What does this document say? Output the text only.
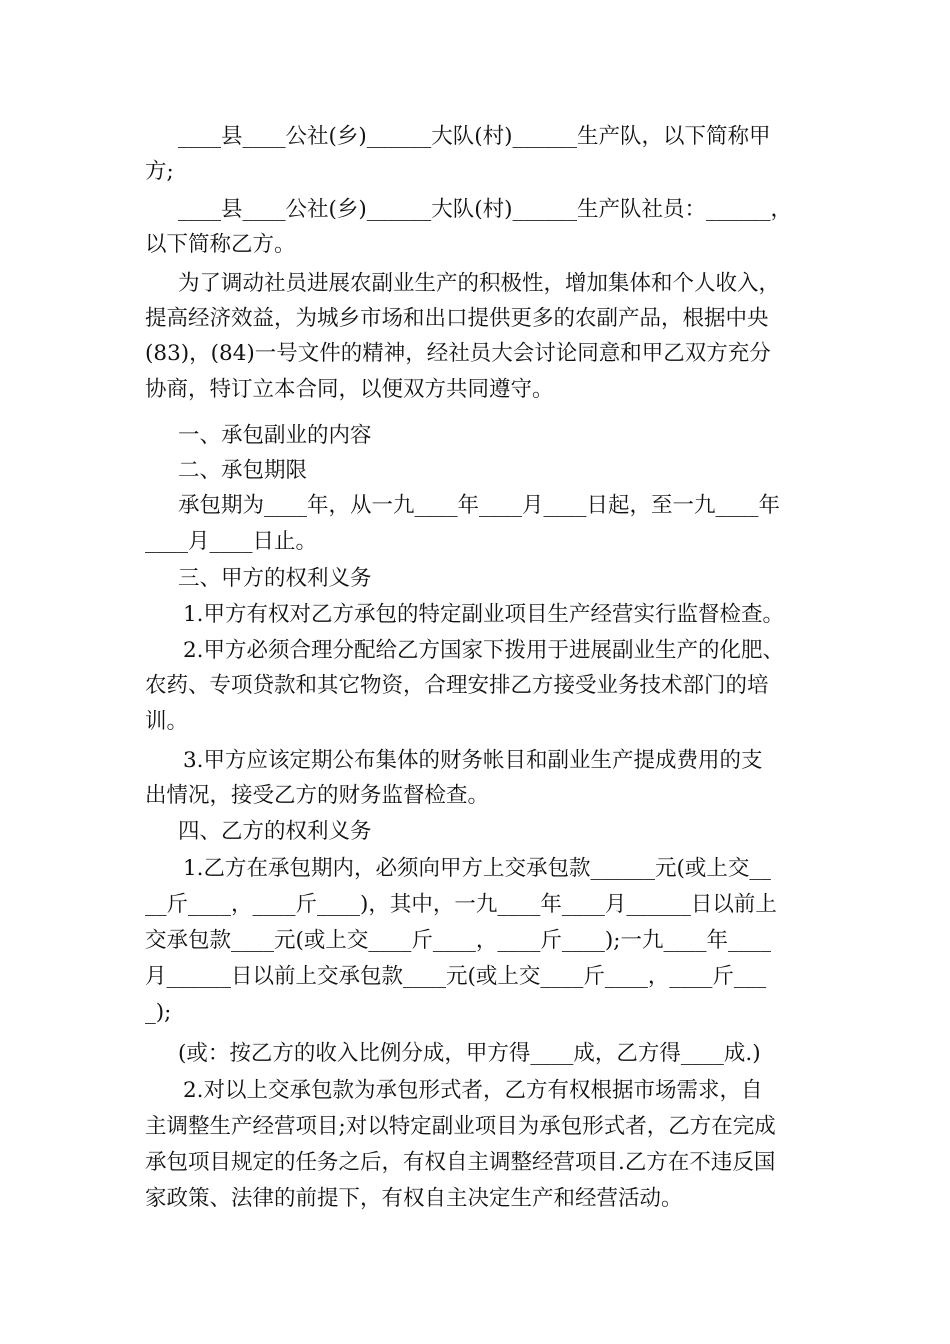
____县____公社(乡)______大队(村)______生产队，以下简称甲
方;
____县____公社(乡)______大队(村)______生产队社员：______，
以下简称乙方。
为了调动社员进展农副业生产的积极性，增加集体和个人收入，
提高经济效益，为城乡市场和出口提供更多的农副产品，根据中央
(83)，(84)一号文件的精神，经社员大会讨论同意和甲乙双方充分
协商，特订立本合同，以便双方共同遵守。
一、承包副业的内容
二、承包期限
承包期为____年，从一九____年____月____日起，至一九____年
____月____日止。
三、甲方的权利义务
1.甲方有权对乙方承包的特定副业项目生产经营实行监督检查。
2.甲方必须合理分配给乙方国家下拨用于进展副业生产的化肥、
农药、专项贷款和其它物资，合理安排乙方接受业务技术部门的培
训。
3.甲方应该定期公布集体的财务帐目和副业生产提成费用的支
出情况，接受乙方的财务监督检查。
四、乙方的权利义务
1.乙方在承包期内，必须向甲方上交承包款______元(或上交__
__斤____，____斤____)，其中，一九____年____月______日以前上
交承包款____元(或上交____斤____，____斤____);一九____年____
月______日以前上交承包款____元(或上交____斤____，____斤___
_);
(或：按乙方的收入比例分成，甲方得____成，乙方得____成.)
2.对以上交承包款为承包形式者，乙方有权根据市场需求，自
主调整生产经营项目;对以特定副业项目为承包形式者，乙方在完成
承包项目规定的任务之后，有权自主调整经营项目.乙方在不违反国
家政策、法律的前提下，有权自主决定生产和经营活动。
